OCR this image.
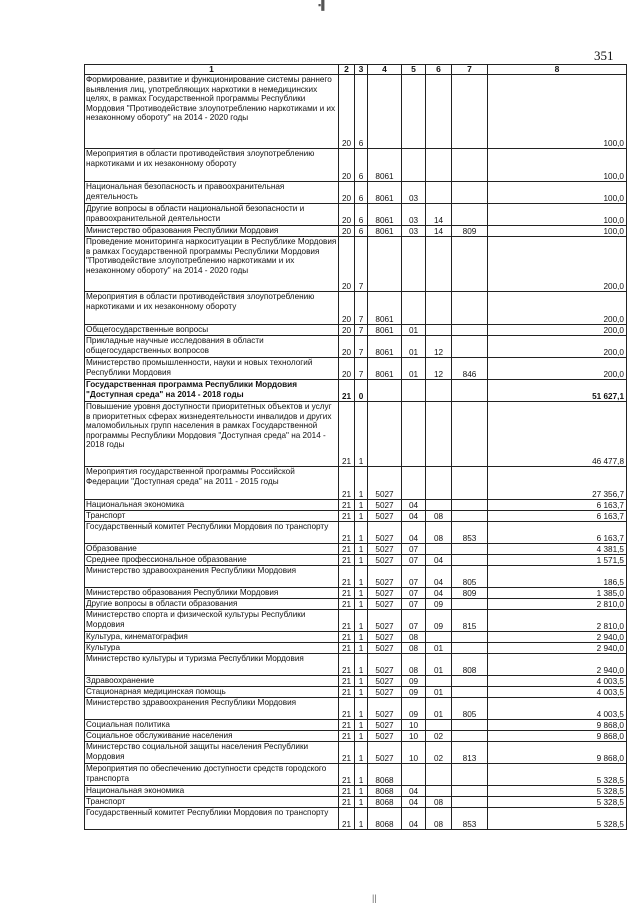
▪▌
351
1	2	3	4	5	6	7	8
Формирование, развитие и функционирование системы раннего выявления лиц, употребляющих наркотики в немедицинских целях, в рамках Государственной программы Республики Мордовия "Противодействие злоупотреблению наркотиками и их незаконному обороту" на 2014 - 2020 годы	20	6					100,0
Мероприятия в области противодействия злоупотреблению наркотиками и их незаконному обороту	20	6	8061				100,0
Национальная безопасность и правоохранительная деятельность	20	6	8061	03			100,0
Другие вопросы в области национальной безопасности и правоохранительной деятельности	20	6	8061	03	14		100,0
Министерство образования Республики Мордовия	20	6	8061	03	14	809	100,0
Проведение мониторинга наркоситуации в Республике Мордовия в рамках Государственной программы Республики Мордовия "Противодействие злоупотреблению наркотиками и их незаконному обороту" на 2014 - 2020 годы	20	7					200,0
Мероприятия в области противодействия злоупотреблению наркотиками и их незаконному обороту	20	7	8061				200,0
Общегосударственные вопросы	20	7	8061	01			200,0
Прикладные научные исследования в области общегосударственных вопросов	20	7	8061	01	12		200,0
Министерство промышленности, науки и новых технологий Республики Мордовия	20	7	8061	01	12	846	200,0
Государственная программа Республики Мордовия "Доступная среда" на 2014 - 2018 годы	21	0					51 627,1
Повышение уровня доступности приоритетных объектов и услуг в приоритетных сферах жизнедеятельности инвалидов и других маломобильных групп населения в рамках Государственной программы Республики Мордовия "Доступная среда" на 2014 - 2018 годы	21	1					46 477,8
Мероприятия государственной программы Российской Федерации "Доступная среда" на 2011 - 2015 годы	21	1	5027				27 356,7
Национальная экономика	21	1	5027	04			6 163,7
Транспорт	21	1	5027	04	08		6 163,7
Государственный комитет Республики Мордовия по транспорту	21	1	5027	04	08	853	6 163,7
Образование	21	1	5027	07			4 381,5
Среднее профессиональное образование	21	1	5027	07	04		1 571,5
Министерство здравоохранения Республики Мордовия	21	1	5027	07	04	805	186,5
Министерство образования Республики Мордовия	21	1	5027	07	04	809	1 385,0
Другие вопросы в области образования	21	1	5027	07	09		2 810,0
Министерство спорта и физической культуры Республики Мордовия	21	1	5027	07	09	815	2 810,0
Культура, кинематография	21	1	5027	08			2 940,0
Культура	21	1	5027	08	01		2 940,0
Министерство культуры и туризма Республики Мордовия	21	1	5027	08	01	808	2 940,0
Здравоохранение	21	1	5027	09			4 003,5
Стационарная медицинская помощь	21	1	5027	09	01		4 003,5
Министерство здравоохранения Республики Мордовия	21	1	5027	09	01	805	4 003,5
Социальная политика	21	1	5027	10			9 868,0
Социальное обслуживание населения	21	1	5027	10	02		9 868,0
Министерство социальной защиты населения Республики Мордовия	21	1	5027	10	02	813	9 868,0
Мероприятия по обеспечению доступности средств городского транспорта	21	1	8068				5 328,5
Национальная экономика	21	1	8068	04			5 328,5
Транспорт	21	1	8068	04	08		5 328,5
Государственный комитет Республики Мордовия по транспорту	21	1	8068	04	08	853	5 328,5
||
